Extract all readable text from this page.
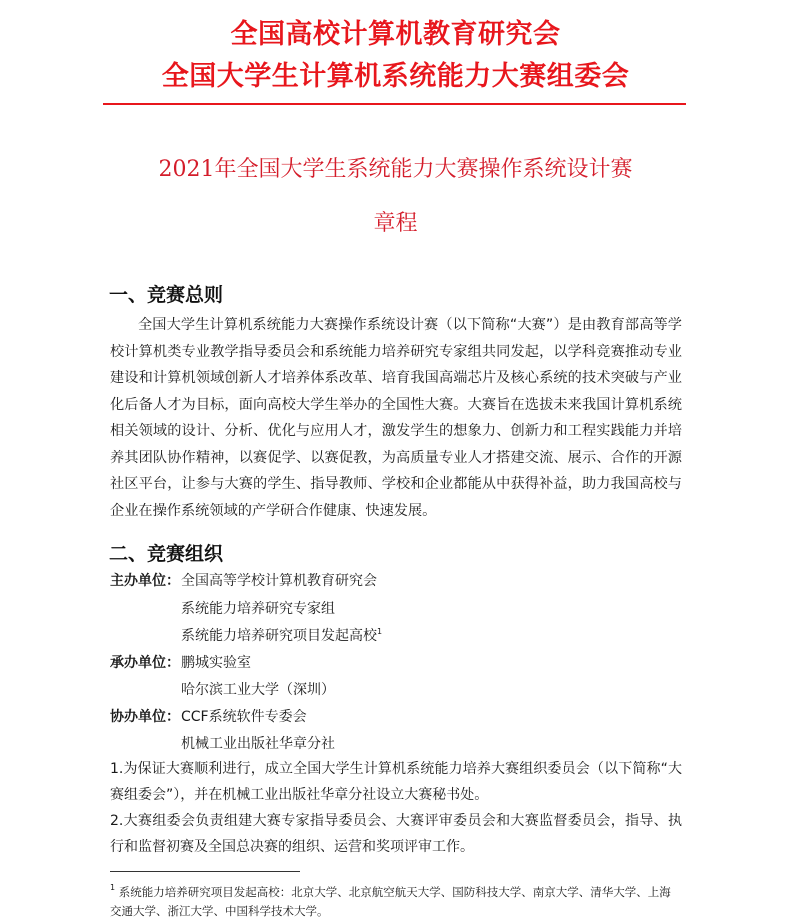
全国高校计算机教育研究会
全国大学生计算机系统能力大赛组委会
2021年全国大学生系统能力大赛操作系统设计赛
章程
一、竞赛总则
全国大学生计算机系统能力大赛操作系统设计赛（以下简称“大赛”）是由教育部高等学校计算机类专业教学指导委员会和系统能力培养研究专家组共同发起，以学科竞赛推动专业建设和计算机领域创新人才培养体系改革、培育我国高端芯片及核心系统的技术突破与产业化后备人才为目标，面向高校大学生举办的全国性大赛。大赛旨在选拔未来我国计算机系统相关领域的设计、分析、优化与应用人才，激发学生的想象力、创新力和工程实践能力并培养其团队协作精神，以赛促学、以赛促教，为高质量专业人才搭建交流、展示、合作的开源社区平台，让参与大赛的学生、指导教师、学校和企业都能从中获得补益，助力我国高校与企业在操作系统领域的产学研合作健康、快速发展。
二、竞赛组织
主办单位：全国高等学校计算机教育研究会
系统能力培养研究专家组
系统能力培养研究项目发起高校$^1$
承办单位：鹏城实验室
哈尔滨工业大学（深圳）
协办单位：CCF系统软件专委会
机械工业出版社华章分社
1.为保证大赛顺利进行，成立全国大学生计算机系统能力培养大赛组织委员会（以下简称“大赛组委会”），并在机械工业出版社华章分社设立大赛秘书处。
2.大赛组委会负责组建大赛专家指导委员会、大赛评审委员会和大赛监督委员会，指导、执行和监督初赛及全国总决赛的组织、运营和奖项评审工作。
$^1$ 系统能力培养研究项目发起高校：北京大学、北京航空航天大学、国防科技大学、南京大学、清华大学、上海交通大学、浙江大学、中国科学技术大学。
